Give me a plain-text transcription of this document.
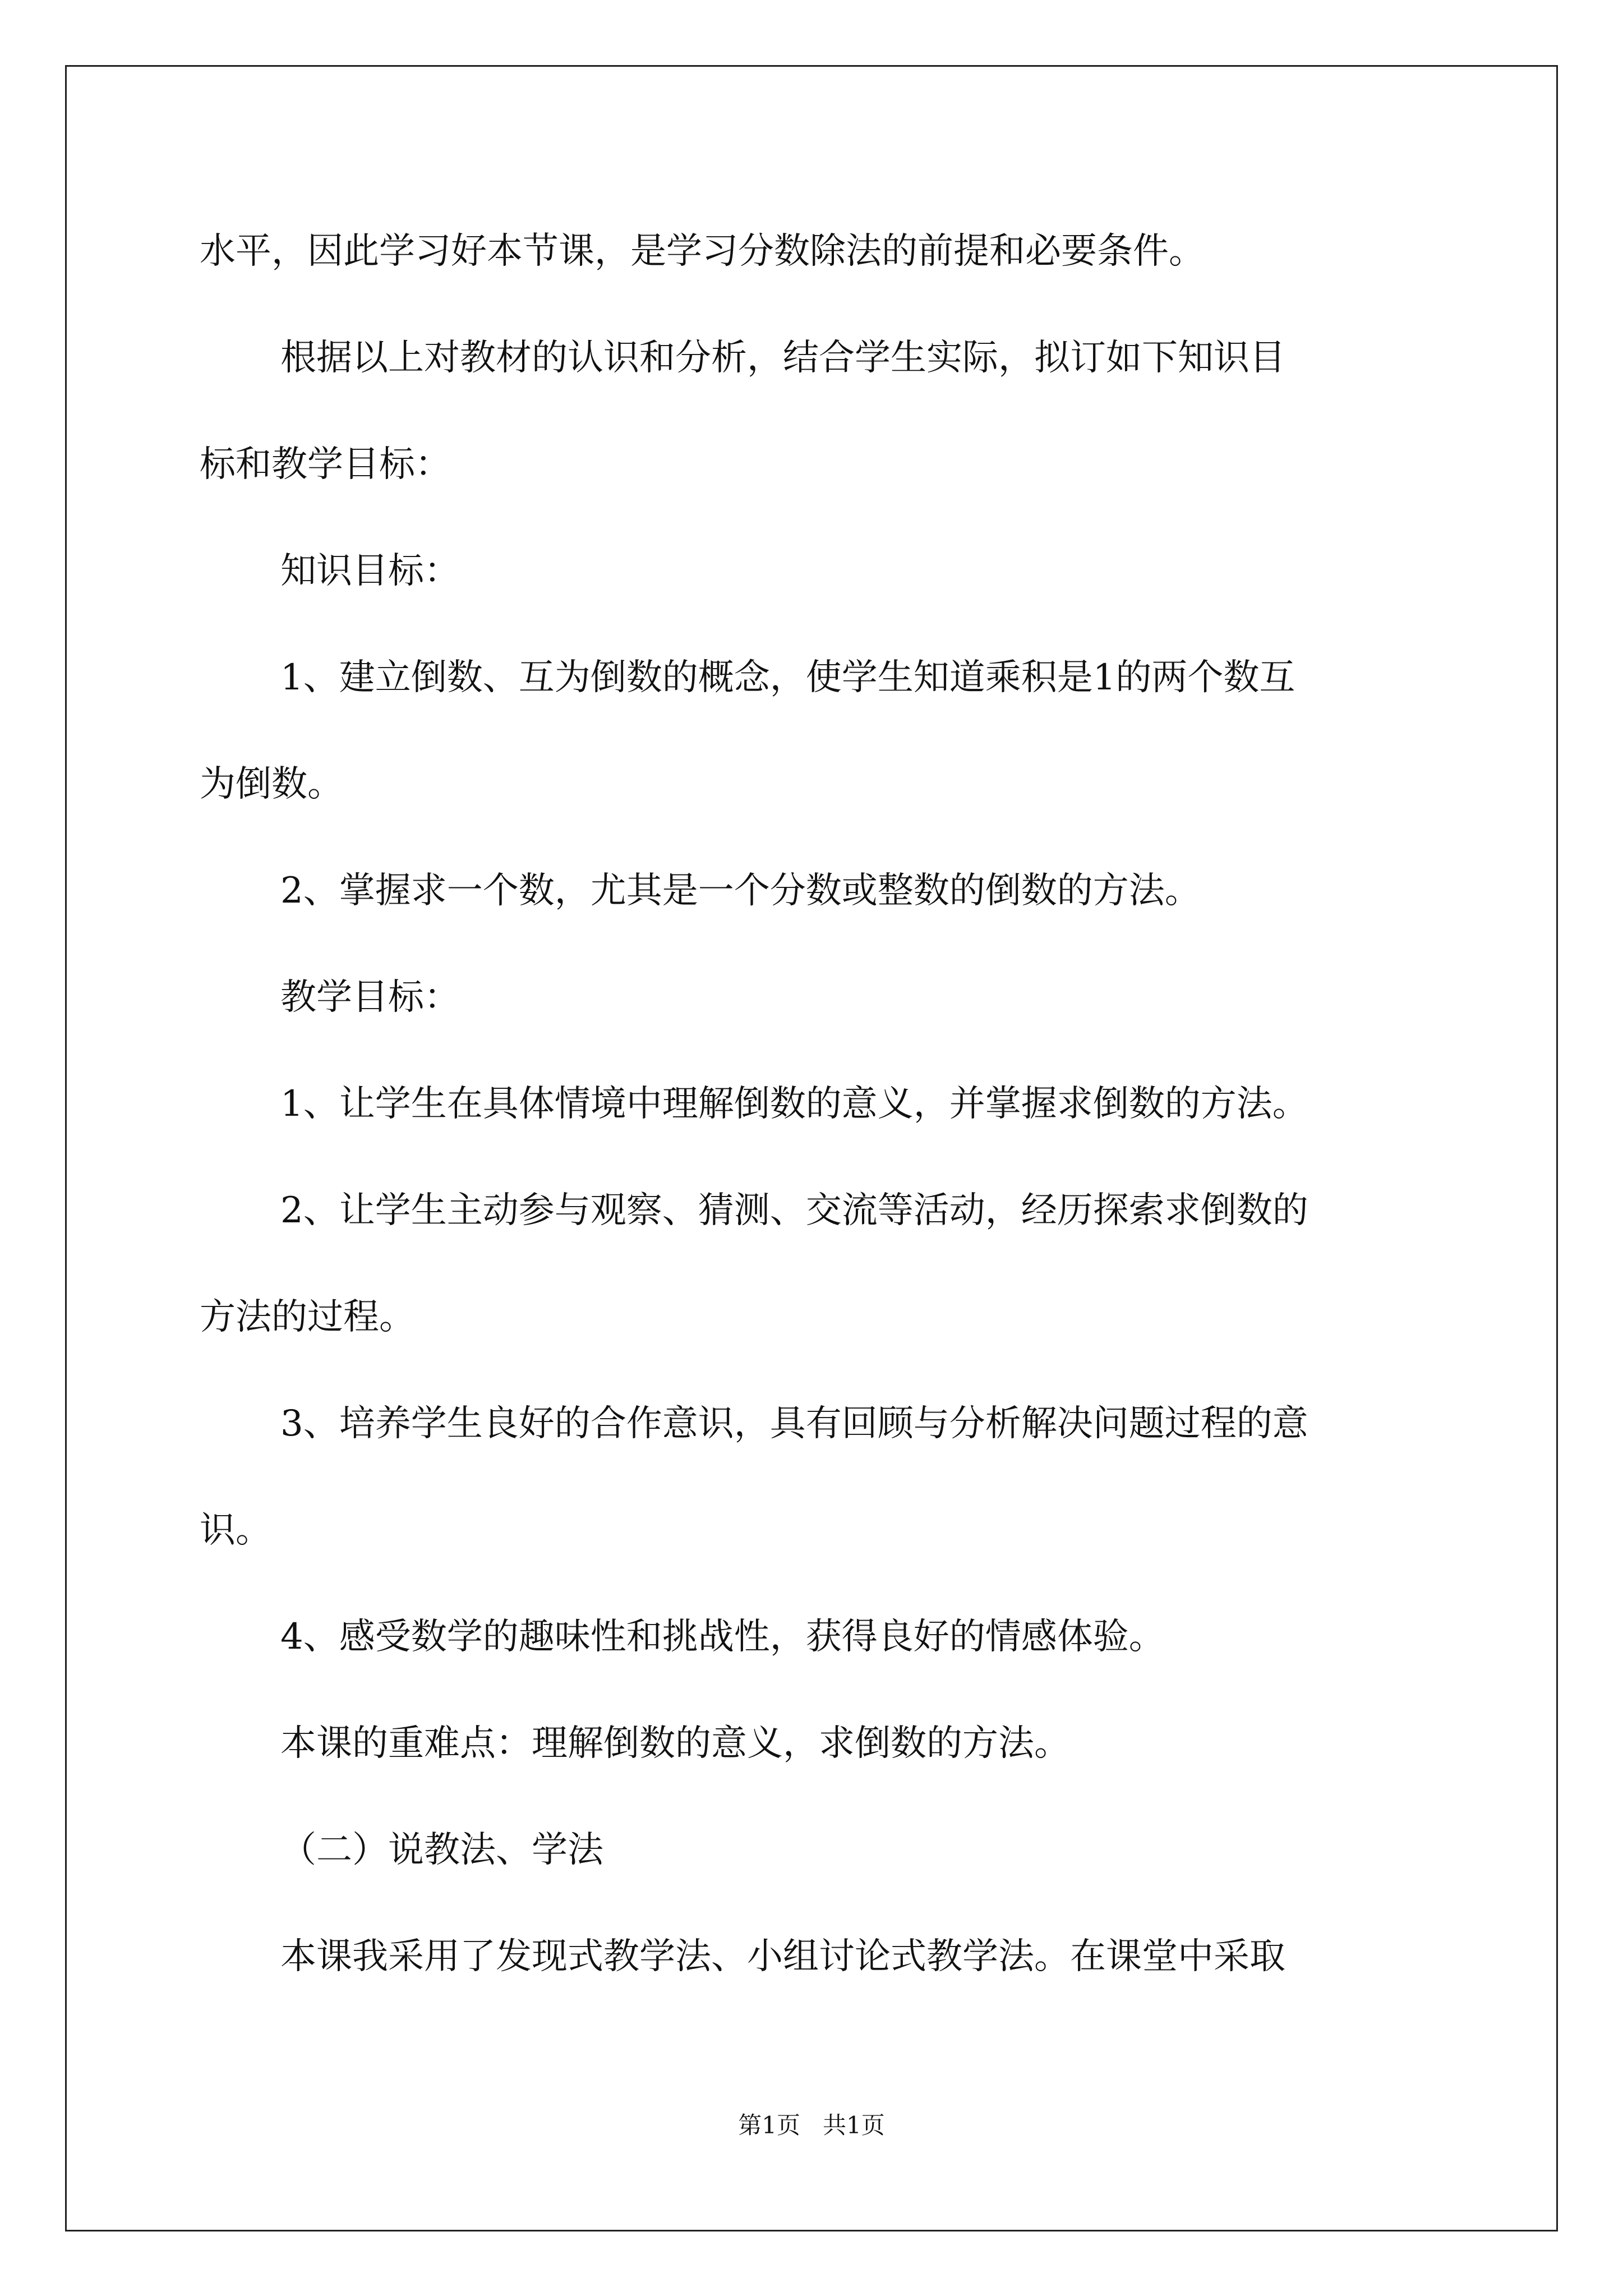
水平，因此学习好本节课，是学习分数除法的前提和必要条件。
根据以上对教材的认识和分析，结合学生实际，拟订如下知识目
标和教学目标：
知识目标：
1、建立倒数、互为倒数的概念，使学生知道乘积是1的两个数互
为倒数。
2、掌握求一个数，尤其是一个分数或整数的倒数的方法。
教学目标：
1、让学生在具体情境中理解倒数的意义，并掌握求倒数的方法。
2、让学生主动参与观察、猜测、交流等活动，经历探索求倒数的
方法的过程。
3、培养学生良好的合作意识，具有回顾与分析解决问题过程的意
识。
4、感受数学的趣味性和挑战性，获得良好的情感体验。
本课的重难点：理解倒数的意义，求倒数的方法。
（二）说教法、学法
本课我采用了发现式教学法、小组讨论式教学法。在课堂中采取
第1页   共1页
